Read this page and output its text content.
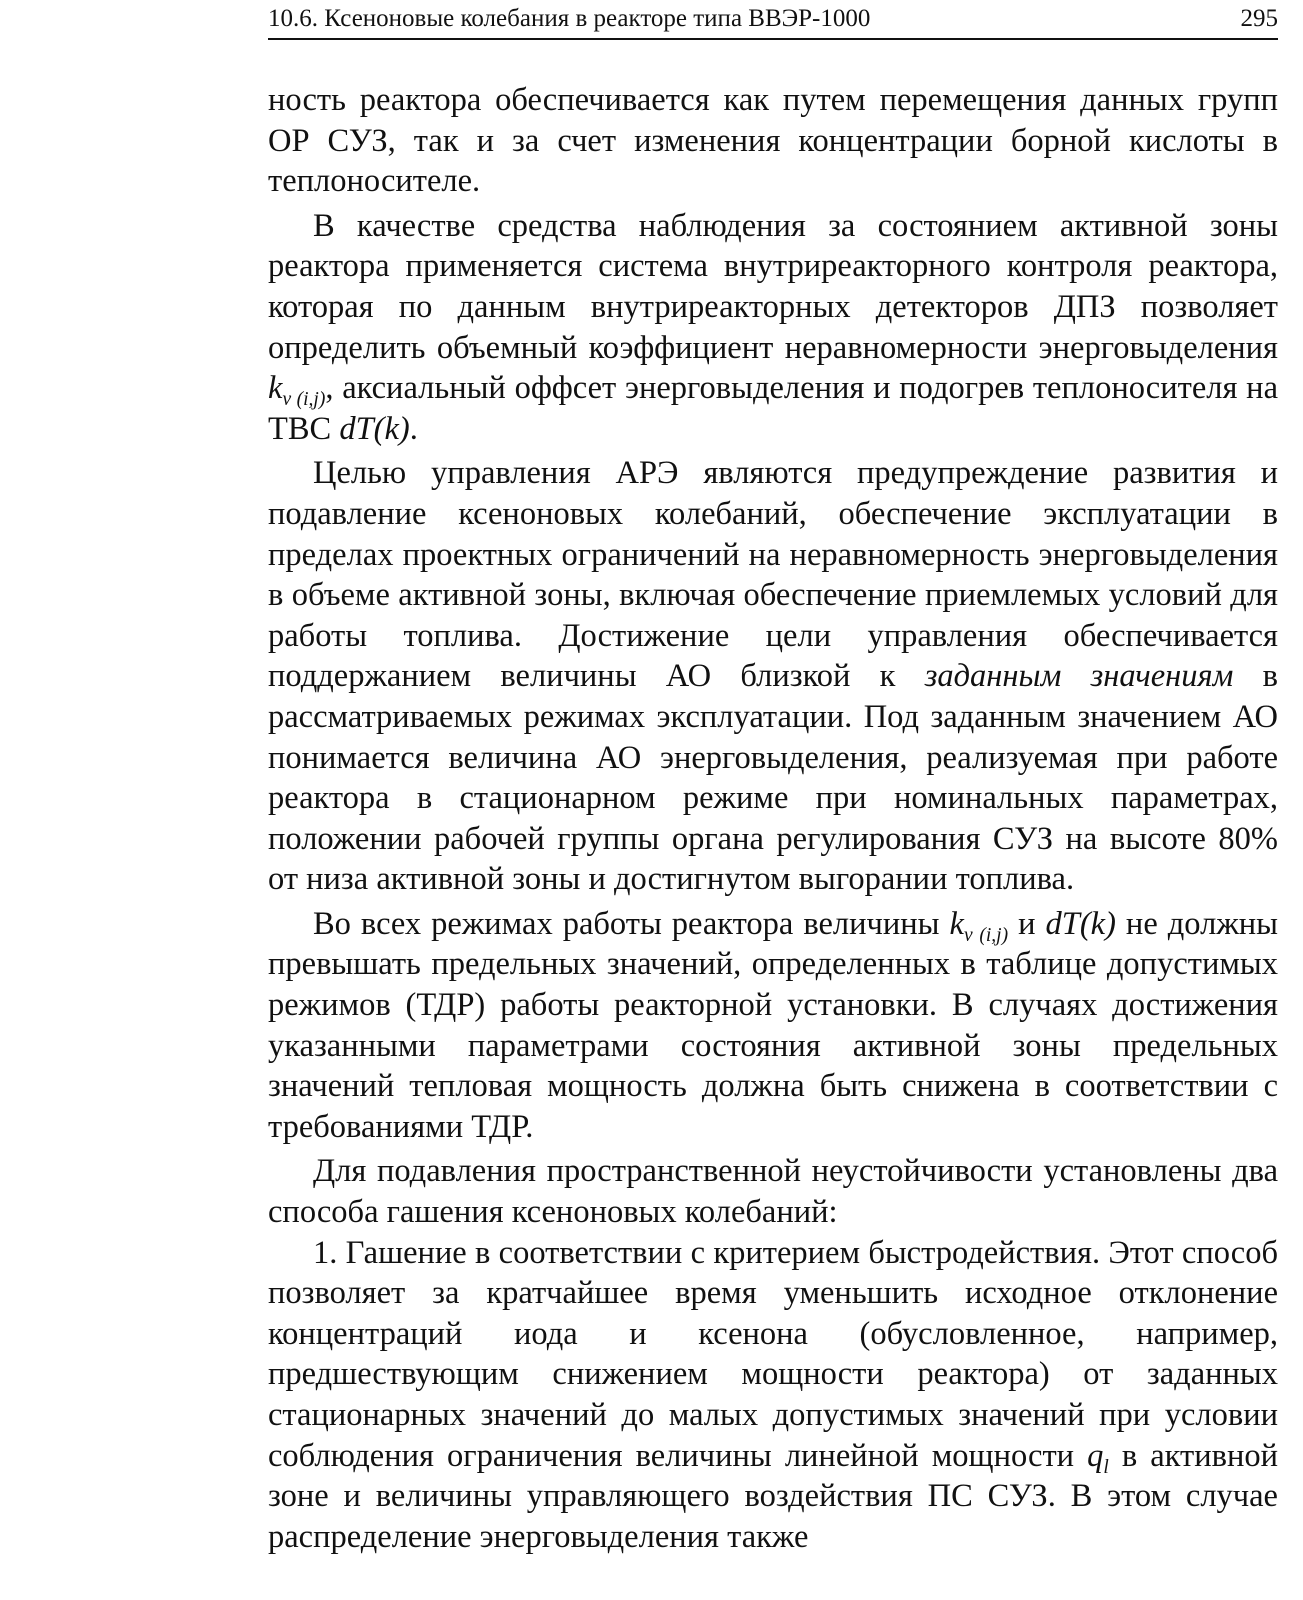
10.6. Ксеноновые колебания в реакторе типа ВВЭР-1000	295

ность реактора обеспечивается как путем перемещения данных групп ОР СУЗ, так и за счет изменения концентрации борной кислоты в теплоносителе.

В качестве средства наблюдения за состоянием активной зоны реактора применяется система внутриреакторного контроля реактора, которая по данным внутриреакторных детекторов ДПЗ позволяет определить объемный коэффициент неравномерности энерговыделения $k_{v (i,j)}$, аксиальный оффсет энерговыделения и подогрев теплоносителя на ТВС dT(k).

Целью управления АРЭ являются предупреждение развития и подавление ксеноновых колебаний, обеспечение эксплуатации в пределах проектных ограничений на неравномерность энерговыделения в объеме активной зоны, включая обеспечение приемлемых условий для работы топлива. Достижение цели управления обеспечивается поддержанием величины АО близкой к заданным значениям в рассматриваемых режимах эксплуатации. Под заданным значением АО понимается величина АО энерговыделения, реализуемая при работе реактора в стационарном режиме при номинальных параметрах, положении рабочей группы органа регулирования СУЗ на высоте 80% от низа активной зоны и достигнутом выгорании топлива.

Во всех режимах работы реактора величины $k_{v (i,j)}$ и dT(k) не должны превышать предельных значений, определенных в таблице допустимых режимов (ТДР) работы реакторной установки. В случаях достижения указанными параметрами состояния активной зоны предельных значений тепловая мощность должна быть снижена в соответствии с требованиями ТДР.

Для подавления пространственной неустойчивости установлены два способа гашения ксеноновых колебаний:

1. Гашение в соответствии с критерием быстродействия. Этот способ позволяет за кратчайшее время уменьшить исходное отклонение концентраций иода и ксенона (обусловленное, например, предшествующим снижением мощности реактора) от заданных стационарных значений до малых допустимых значений при условии соблюдения ограничения величины линейной мощности $q_l$ в активной зоне и величины управляющего воздействия ПС СУЗ. В этом случае распределение энерговыделения также
